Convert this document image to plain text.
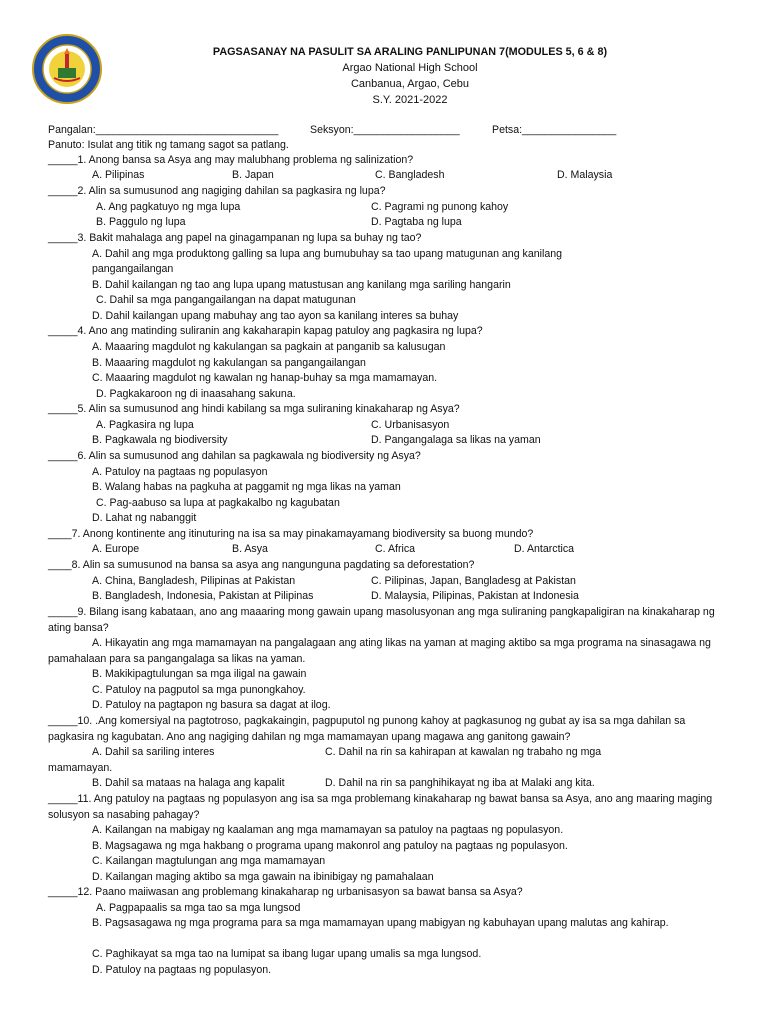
PAGSASANAY NA PASULIT SA ARALING PANLIPUNAN 7(MODULES 5, 6 & 8)
Argao National High School
Canbanua, Argao, Cebu
S.Y. 2021-2022
Pangalan:_______________________________	Seksyon:__________________	Petsa:________________
Panuto: Isulat ang titik ng tamang sagot sa patlang.
_____1. Anong bansa sa Asya ang may malubhang problema ng salinization?
A. Pilipinas	B. Japan	C. Bangladesh	D. Malaysia
_____2. Alin sa sumusunod ang nagiging dahilan sa pagkasira ng lupa?
A. Ang pagkatuyo ng mga lupa	C. Pagrami ng punong kahoy
B. Paggulo ng lupa	D. Pagtaba ng lupa
_____3. Bakit mahalaga ang papel na ginagampanan ng lupa sa buhay ng tao?
A. Dahil ang mga produktong galling sa lupa ang bumubuhay sa tao upang matugunan ang kanilang
pangangailangan
B. Dahil kailangan ng tao ang lupa upang matustusan ang kanilang mga sariling hangarin
C. Dahil sa mga pangangailangan na dapat matugunan
D. Dahil kailangan upang mabuhay ang tao ayon sa kanilang interes sa buhay
_____4. Ano ang matinding suliranin ang kakaharapin kapag patuloy ang pagkasira ng lupa?
A. Maaaring magdulot ng kakulangan sa pagkain at panganib sa kalusugan
B. Maaaring magdulot ng kakulangan sa pangangailangan
C. Maaaring magdulot ng kawalan ng hanap-buhay sa mga mamamayan.
D. Pagkakaroon ng di inaasahang sakuna.
_____5. Alin sa sumusunod ang hindi kabilang sa mga suliraning kinakaharap ng Asya?
A. Pagkasira ng lupa	C. Urbanisasyon
B. Pagkawala ng biodiversity	D. Pangangalaga sa likas na yaman
_____6. Alin sa sumusunod ang dahilan sa pagkawala ng biodiversity ng Asya?
A. Patuloy na pagtaas ng populasyon
B. Walang habas na pagkuha at paggamit ng mga likas na yaman
C. Pag-aabuso sa lupa at pagkakalbo ng kagubatan
D. Lahat ng nabanggit
____7. Anong kontinente ang itinuturing na isa sa may pinakamayamang biodiversity sa buong mundo?
A. Europe	B. Asya	C. Africa	D. Antarctica
____8. Alin sa sumusunod na bansa sa asya ang nangunguna pagdating sa deforestation?
A. China, Bangladesh, Pilipinas at Pakistan	C. Pilipinas, Japan, Bangladesg at Pakistan
B. Bangladesh, Indonesia, Pakistan at Pilipinas	D. Malaysia, Pilipinas, Pakistan at Indonesia
_____9. Bilang isang kabataan, ano ang maaaring mong gawain upang masolusyonan ang mga suliraning pangkapaligiran na kinakaharap ng ating bansa?
A. Hikayatin ang mga mamamayan na pangalagaan ang ating likas na yaman at maging aktibo sa mga programa na sinasagawa ng pamahalaan para sa pangangalaga sa likas na yaman.
B. Makikipagtulungan sa mga iligal na gawain
C. Patuloy na pagputol sa mga punongkahoy.
D. Patuloy na pagtapon ng basura sa dagat at ilog.
_____10. .Ang komersiyal na pagtotroso, pagkakaingin, pagpuputol ng punong kahoy at pagkasunog ng gubat ay isa sa mga dahilan sa pagkasira ng kagubatan. Ano ang nagiging dahilan ng mga mamamayan upang magawa ang ganitong gawain?
A. Dahil sa sariling interes	C. Dahil na rin sa kahirapan at kawalan ng trabaho ng mga
mamamayan.
B. Dahil sa mataas na halaga ang kapalit	D. Dahil na rin sa panghihikayat ng iba at Malaki ang kita.
_____11. Ang patuloy na pagtaas ng populasyon ang isa sa mga problemang kinakaharap ng bawat bansa sa Asya, ano ang maaring maging solusyon sa nasabing pahagay?
A. Kailangan na mabigay ng kaalaman ang mga mamamayan sa patuloy na pagtaas ng populasyon.
B. Magsagawa ng mga hakbang o programa upang makonrol ang patuloy na pagtaas ng populasyon.
C. Kailangan magtulungan ang mga mamamayan
D. Kailangan maging aktibo sa mga gawain na ibinibigay ng pamahalaan
_____12. Paano maiiwasan ang problemang kinakaharap ng urbanisasyon sa bawat bansa sa Asya?
A. Pagpapaalis sa mga tao sa mga lungsod
B. Pagsasagawa ng mga programa para sa mga mamamayan upang mabigyan ng kabuhayan upang malutas ang kahirap.
C. Paghikayat sa mga tao na lumipat sa ibang lugar upang umalis sa mga lungsod.
D. Patuloy na pagtaas ng populasyon.
